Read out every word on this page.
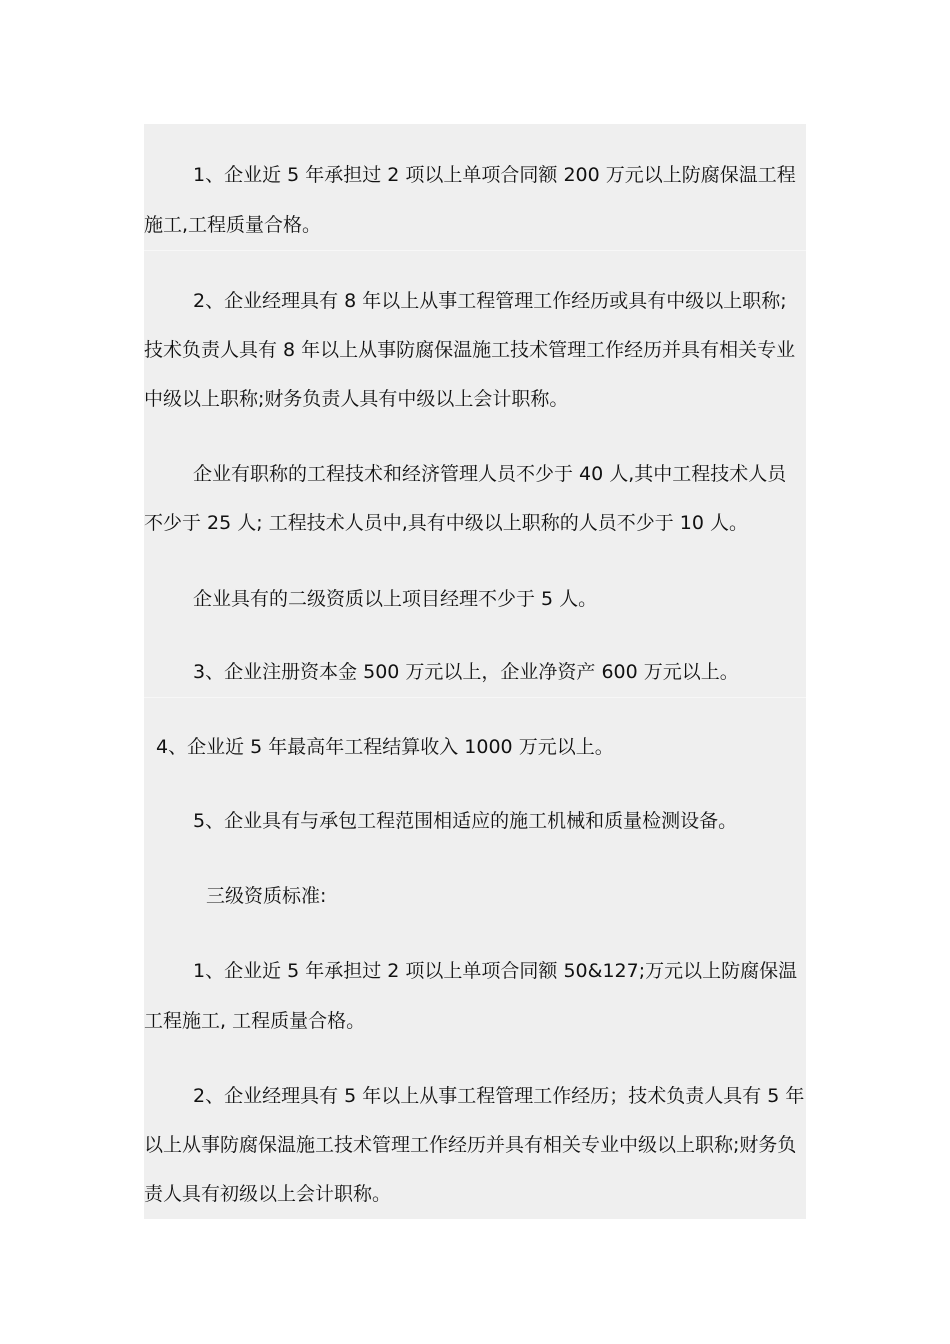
1、企业近 5 年承担过 2 项以上单项合同额 200 万元以上防腐保温工程
施工,工程质量合格。
2、企业经理具有 8 年以上从事工程管理工作经历或具有中级以上职称;
技术负责人具有 8 年以上从事防腐保温施工技术管理工作经历并具有相关专业
中级以上职称;财务负责人具有中级以上会计职称。
企业有职称的工程技术和经济管理人员不少于 40 人,其中工程技术人员
不少于 25 人; 工程技术人员中,具有中级以上职称的人员不少于 10 人。
企业具有的二级资质以上项目经理不少于 5 人。
3、企业注册资本金 500 万元以上，企业净资产 600 万元以上。
4、企业近 5 年最高年工程结算收入 1000 万元以上。
5、企业具有与承包工程范围相适应的施工机械和质量检测设备。
三级资质标准:
1、企业近 5 年承担过 2 项以上单项合同额 50&127;万元以上防腐保温
工程施工, 工程质量合格。
2、企业经理具有 5 年以上从事工程管理工作经历；技术负责人具有 5 年
以上从事防腐保温施工技术管理工作经历并具有相关专业中级以上职称;财务负
责人具有初级以上会计职称。
